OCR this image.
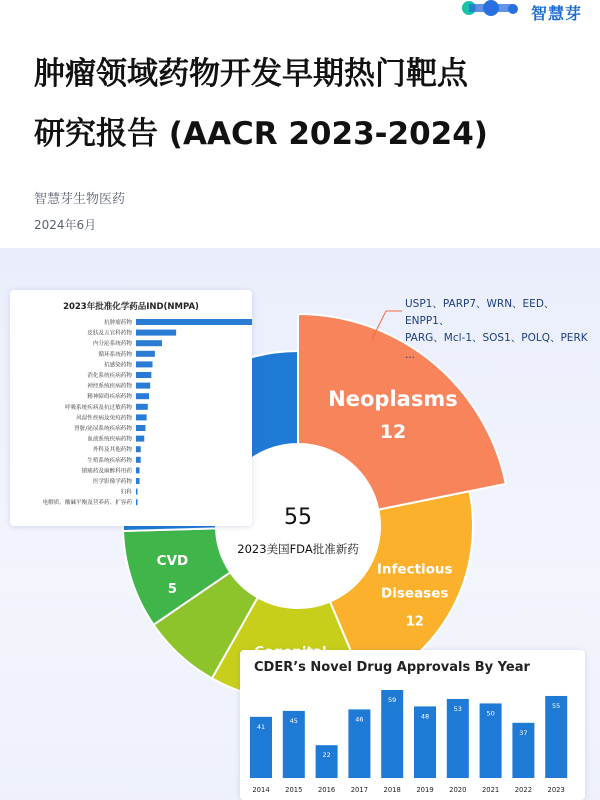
智慧芽
肿瘤领域药物开发早期热门靶点
研究报告 (AACR 2023-2024)
智慧芽生物医药
2024年6月
55
2023美国FDA批准新药
Neoplasms
12
Infectious
Diseases
12
CVD
5
USP1、PARP7、WRN、EED、ENPP1、
PARG、Mcl-1、SOS1、POLQ、PERK
...
2023年批准化学药品IND(NMPA)
抗肿瘤药物
皮肤及五官科药物
内分泌系统药物
循环系统药物
抗感染药物
消化系统疾病药物
神经系统疾病药物
精神障碍疾病药物
呼吸系统疾病及抗过敏药物
风湿性疾病及免疫药物
肾脏/泌尿系统疾病药物
血液系统疾病药物
外科及其他药物
生殖系统疾病药物
镇痛药及麻醉科用药
医学影像学药物
妇科
电解质、酸碱平衡及营养药、扩容药
CDER’s Novel Drug Approvals By Year
41
2014
45
2015
22
2016
46
2017
59
2018
48
2019
53
2020
50
2021
37
2022
55
2023
